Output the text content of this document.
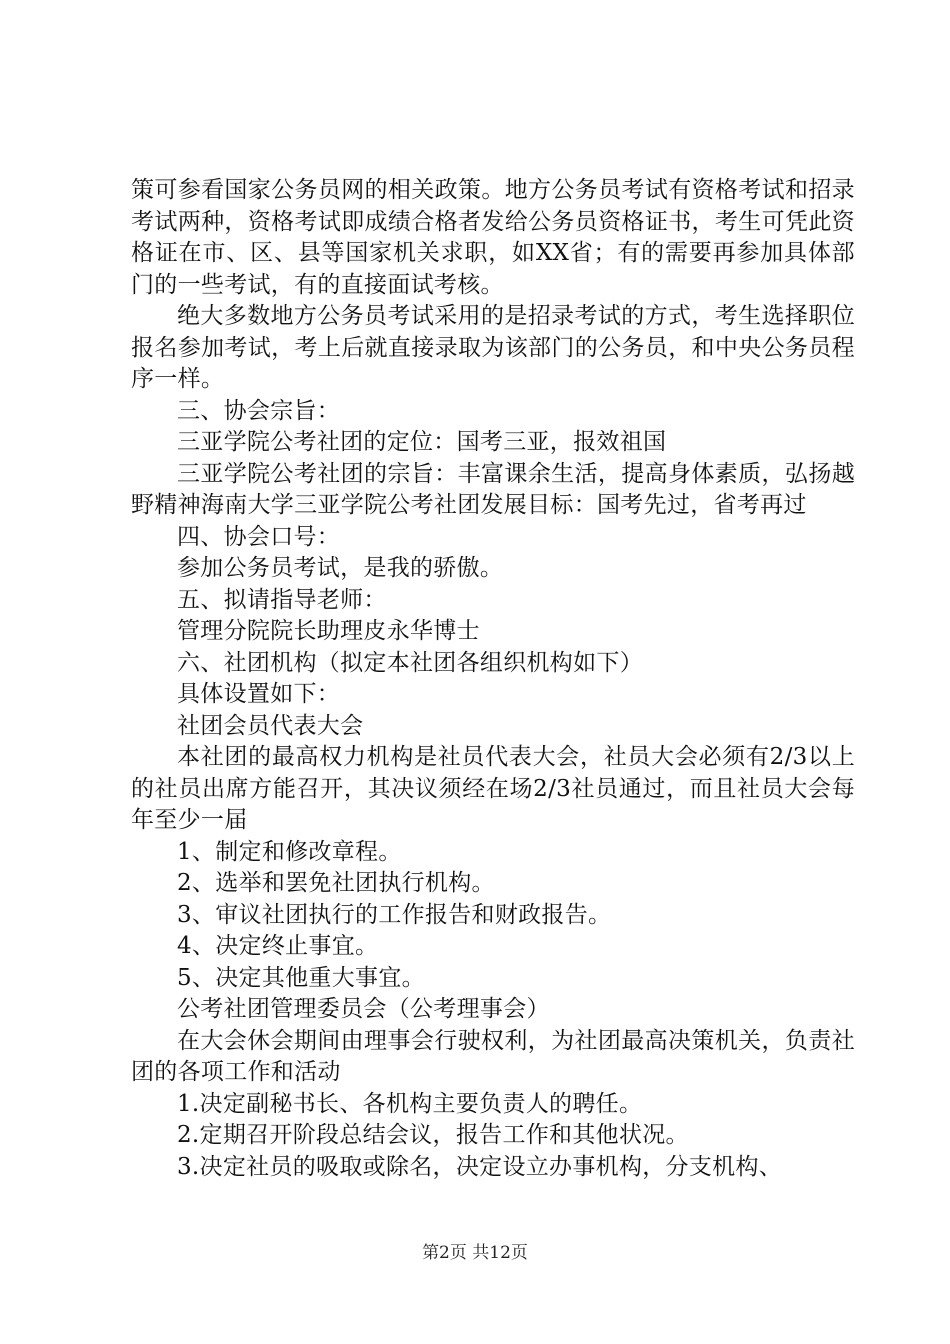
策可参看国家公务员网的相关政策。地方公务员考试有资格考试和招录考试两种，资格考试即成绩合格者发给公务员资格证书，考生可凭此资格证在市、区、县等国家机关求职，如XX省；有的需要再参加具体部门的一些考试，有的直接面试考核。

绝大多数地方公务员考试采用的是招录考试的方式，考生选择职位报名参加考试，考上后就直接录取为该部门的公务员，和中央公务员程序一样。

三、协会宗旨：

三亚学院公考社团的定位：国考三亚，报效祖国

三亚学院公考社团的宗旨：丰富课余生活，提高身体素质，弘扬越野精神海南大学三亚学院公考社团发展目标：国考先过，省考再过

四、协会口号：

参加公务员考试，是我的骄傲。

五、拟请指导老师：

管理分院院长助理皮永华博士

六、社团机构（拟定本社团各组织机构如下）

具体设置如下：

社团会员代表大会

本社团的最高权力机构是社员代表大会，社员大会必须有2/3以上的社员出席方能召开，其决议须经在场2/3社员通过，而且社员大会每年至少一届

1、制定和修改章程。

2、选举和罢免社团执行机构。

3、审议社团执行的工作报告和财政报告。

4、决定终止事宜。

5、决定其他重大事宜。

公考社团管理委员会（公考理事会）

在大会休会期间由理事会行驶权利，为社团最高决策机关，负责社团的各项工作和活动

1.决定副秘书长、各机构主要负责人的聘任。

2.定期召开阶段总结会议，报告工作和其他状况。

3.决定社员的吸取或除名，决定设立办事机构，分支机构、

第2页 共12页
